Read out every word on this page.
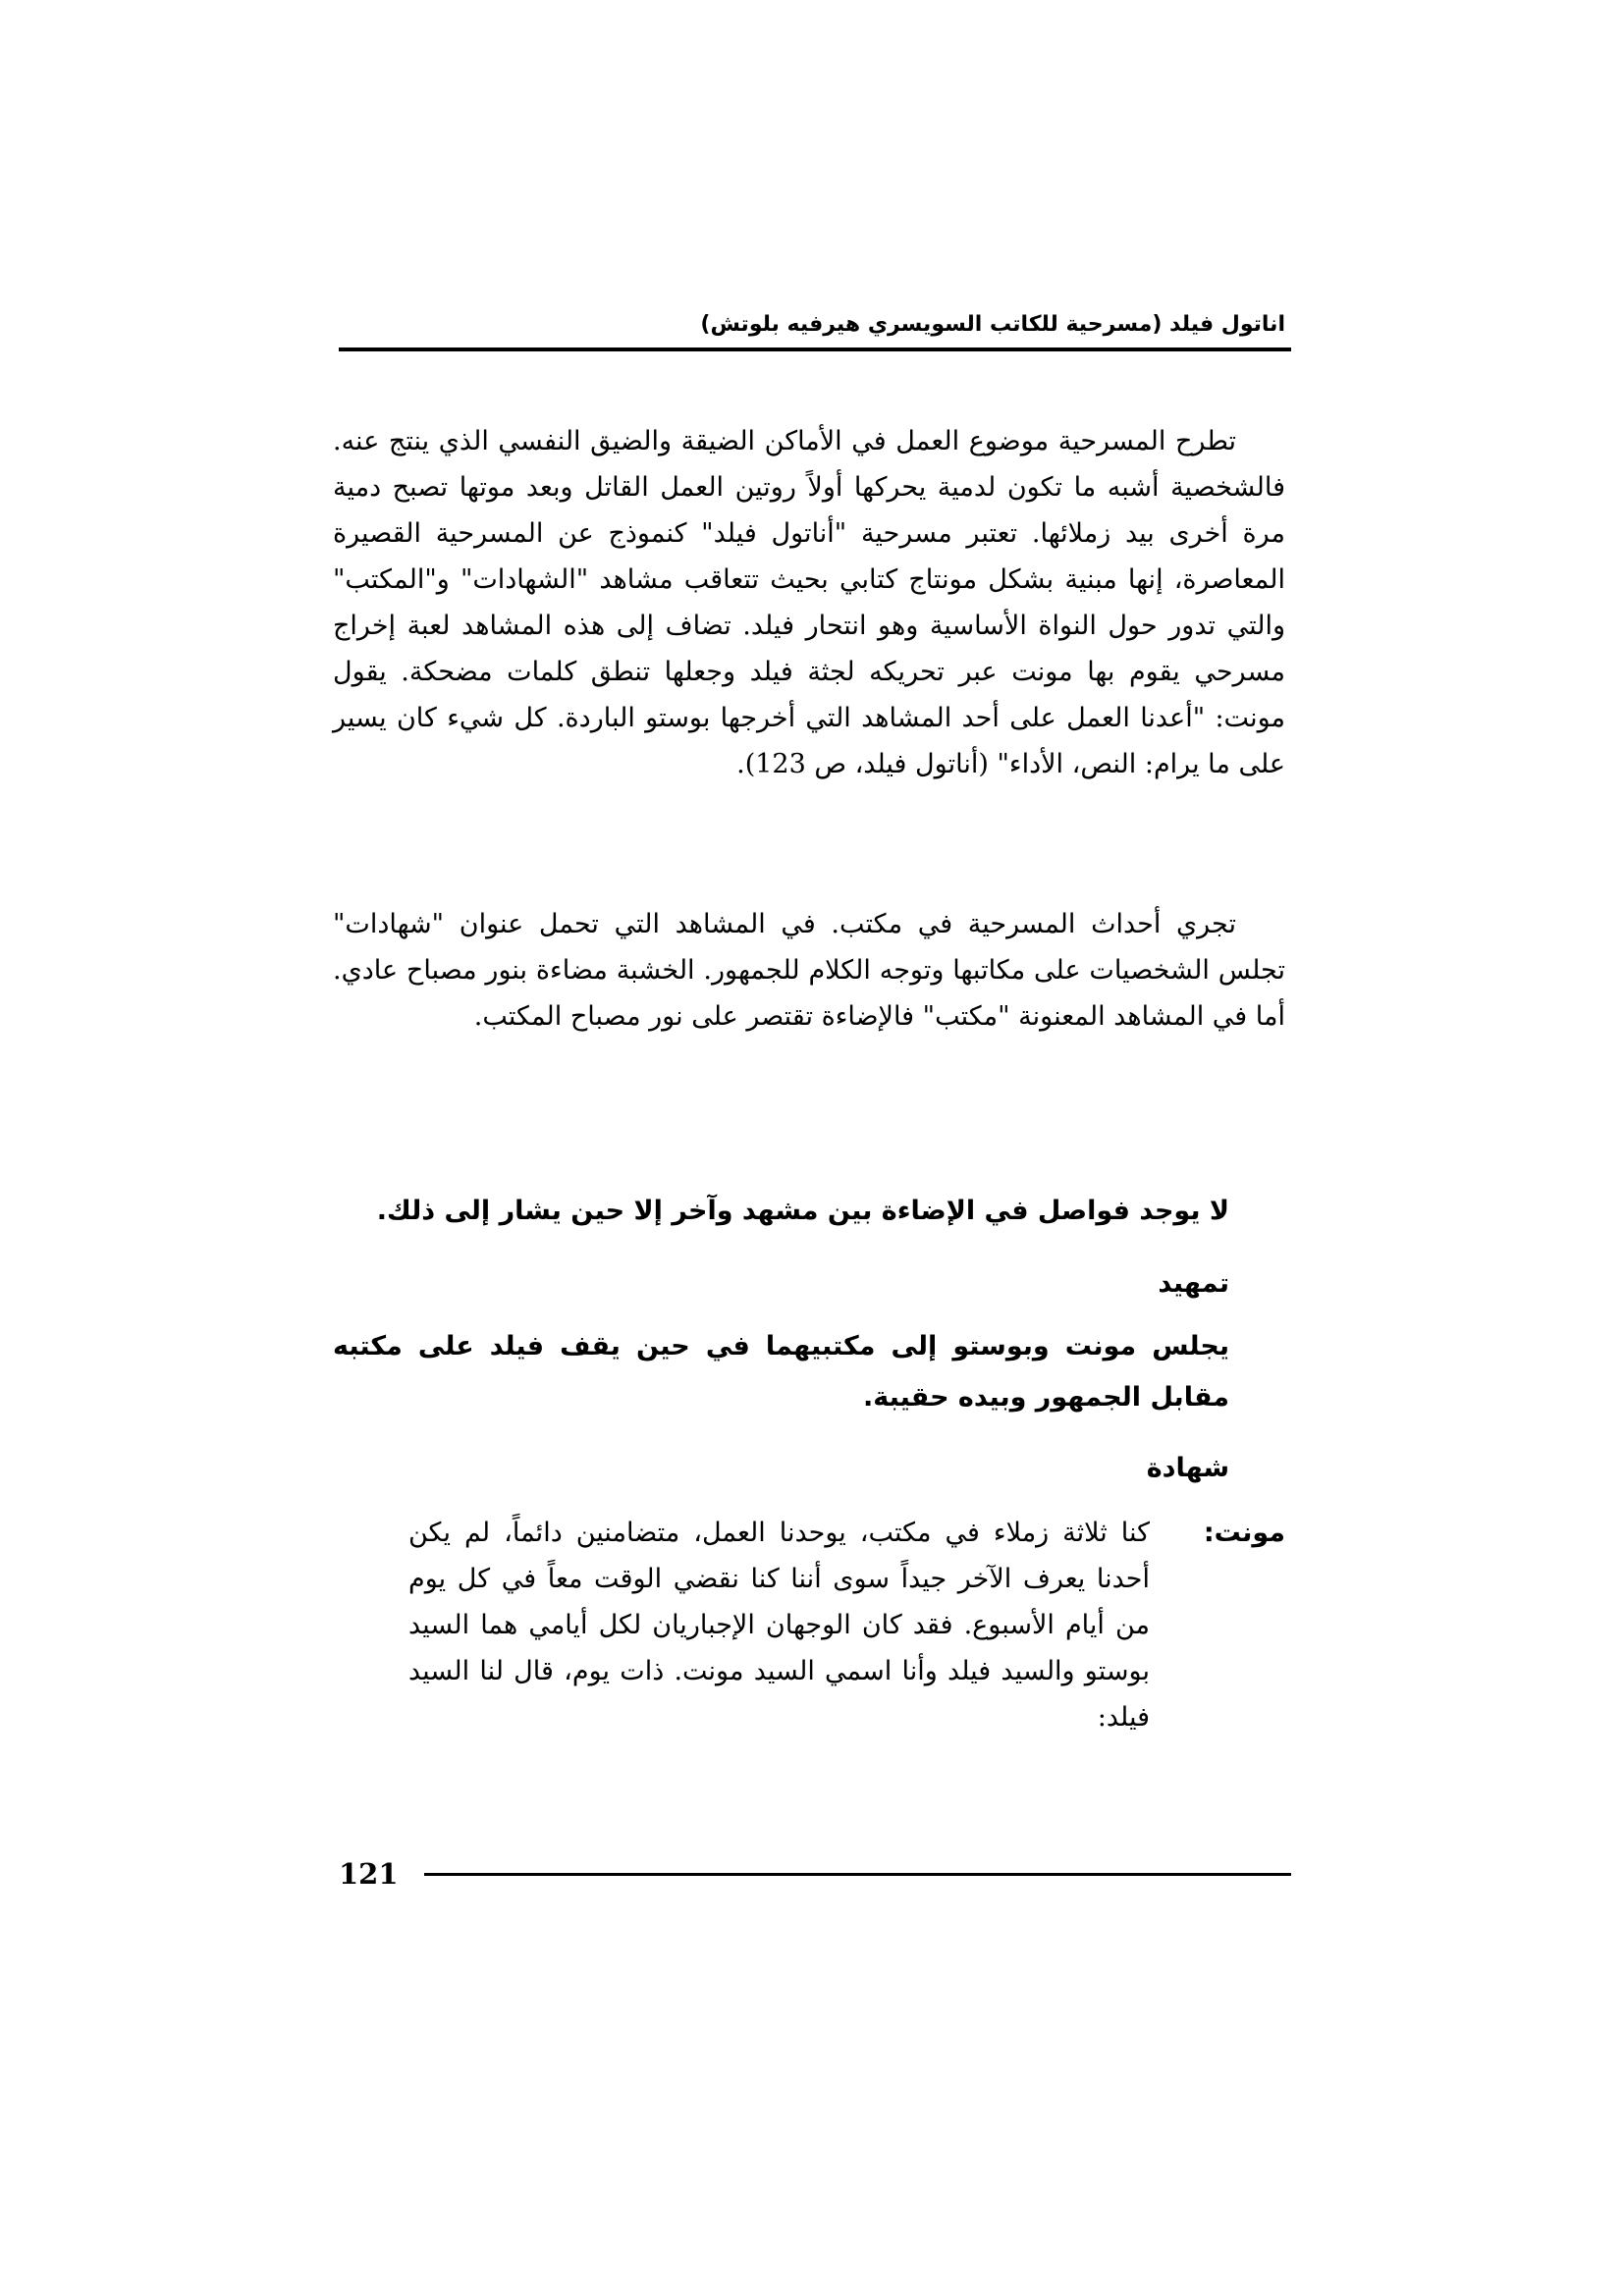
اناتول فيلد (مسرحية للكاتب السويسري هيرفيه بلوتش)

تطرح المسرحية موضوع العمل في الأماكن الضيقة والضيق النفسي الذي ينتج عنه. فالشخصية أشبه ما تكون لدمية يحركها أولاً روتين العمل القاتل وبعد موتها تصبح دمية مرة أخرى بيد زملائها. تعتبر مسرحية "أناتول فيلد" كنموذج عن المسرحية القصيرة المعاصرة، إنها مبنية بشكل مونتاج كتابي بحيث تتعاقب مشاهد "الشهادات" و"المكتب" والتي تدور حول النواة الأساسية وهو انتحار فيلد. تضاف إلى هذه المشاهد لعبة إخراج مسرحي يقوم بها مونت عبر تحريكه لجثة فيلد وجعلها تنطق كلمات مضحكة. يقول مونت: "أعدنا العمل على أحد المشاهد التي أخرجها بوستو الباردة. كل شيء كان يسير على ما يرام: النص، الأداء" (أناتول فيلد، ص 123).

تجري أحداث المسرحية في مكتب. في المشاهد التي تحمل عنوان "شهادات" تجلس الشخصيات على مكاتبها وتوجه الكلام للجمهور. الخشبة مضاءة بنور مصباح عادي. أما في المشاهد المعنونة "مكتب" فالإضاءة تقتصر على نور مصباح المكتب.

لا يوجد فواصل في الإضاءة بين مشهد وآخر إلا حين يشار إلى ذلك.
تمهيد
يجلس مونت وبوستو إلى مكتبيهما في حين يقف فيلد على مكتبه مقابل الجمهور وبيده حقيبة.
شهادة
مونت:
كنا ثلاثة زملاء في مكتب، يوحدنا العمل، متضامنين دائماً، لم يكن أحدنا يعرف الآخر جيداً سوى أننا كنا نقضي الوقت معاً في كل يوم من أيام الأسبوع. فقد كان الوجهان الإجباريان لكل أيامي هما السيد بوستو والسيد فيلد وأنا اسمي السيد مونت. ذات يوم، قال لنا السيد فيلد:
121
